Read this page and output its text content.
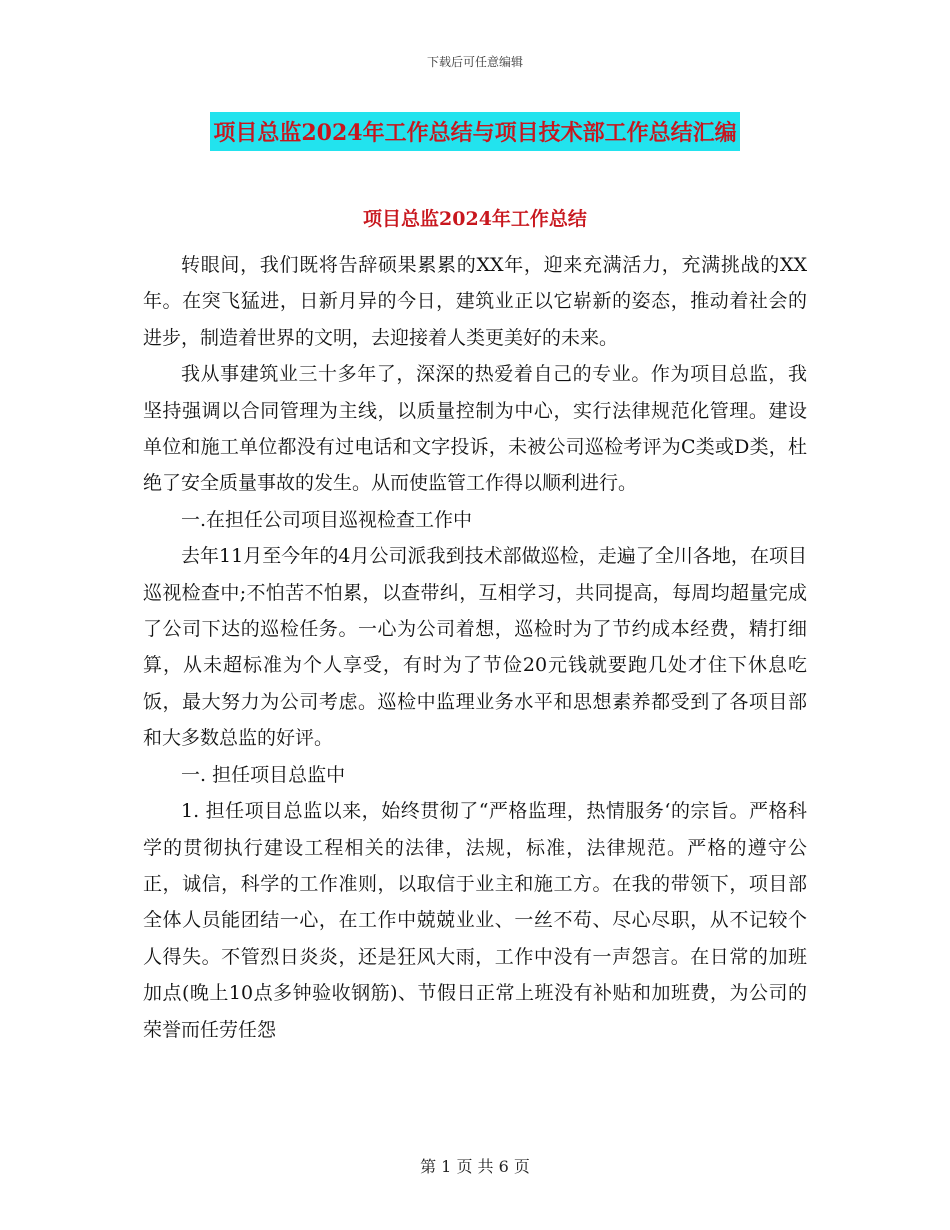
下载后可任意编辑
项目总监2024年工作总结与项目技术部工作总结汇编
项目总监2024年工作总结

转眼间，我们既将告辞硕果累累的XX年，迎来充满活力，充满挑战的XX年。在突飞猛进，日新月异的今日，建筑业正以它崭新的姿态，推动着社会的进步，制造着世界的文明，去迎接着人类更美好的未来。

我从事建筑业三十多年了，深深的热爱着自己的专业。作为项目总监，我坚持强调以合同管理为主线，以质量控制为中心，实行法律规范化管理。建设单位和施工单位都没有过电话和文字投诉，未被公司巡检考评为C类或D类，杜绝了安全质量事故的发生。从而使监管工作得以顺利进行。

一.在担任公司项目巡视检查工作中

去年11月至今年的4月公司派我到技术部做巡检，走遍了全川各地，在项目巡视检查中;不怕苦不怕累，以查带纠，互相学习，共同提高，每周均超量完成了公司下达的巡检任务。一心为公司着想，巡检时为了节约成本经费，精打细算，从未超标准为个人享受，有时为了节俭20元钱就要跑几处才住下休息吃饭，最大努力为公司考虑。巡检中监理业务水平和思想素养都受到了各项目部和大多数总监的好评。

一. 担任项目总监中

1. 担任项目总监以来，始终贯彻了“严格监理，热情服务‘的宗旨。严格科学的贯彻执行建设工程相关的法律，法规，标准，法律规范。严格的遵守公正，诚信，科学的工作准则，以取信于业主和施工方。在我的带领下，项目部全体人员能团结一心，在工作中兢兢业业、一丝不苟、尽心尽职，从不记较个人得失。不管烈日炎炎，还是狂风大雨，工作中没有一声怨言。在日常的加班加点(晚上10点多钟验收钢筋)、节假日正常上班没有补贴和加班费，为公司的荣誉而任劳任怨

第 1 页 共 6 页
